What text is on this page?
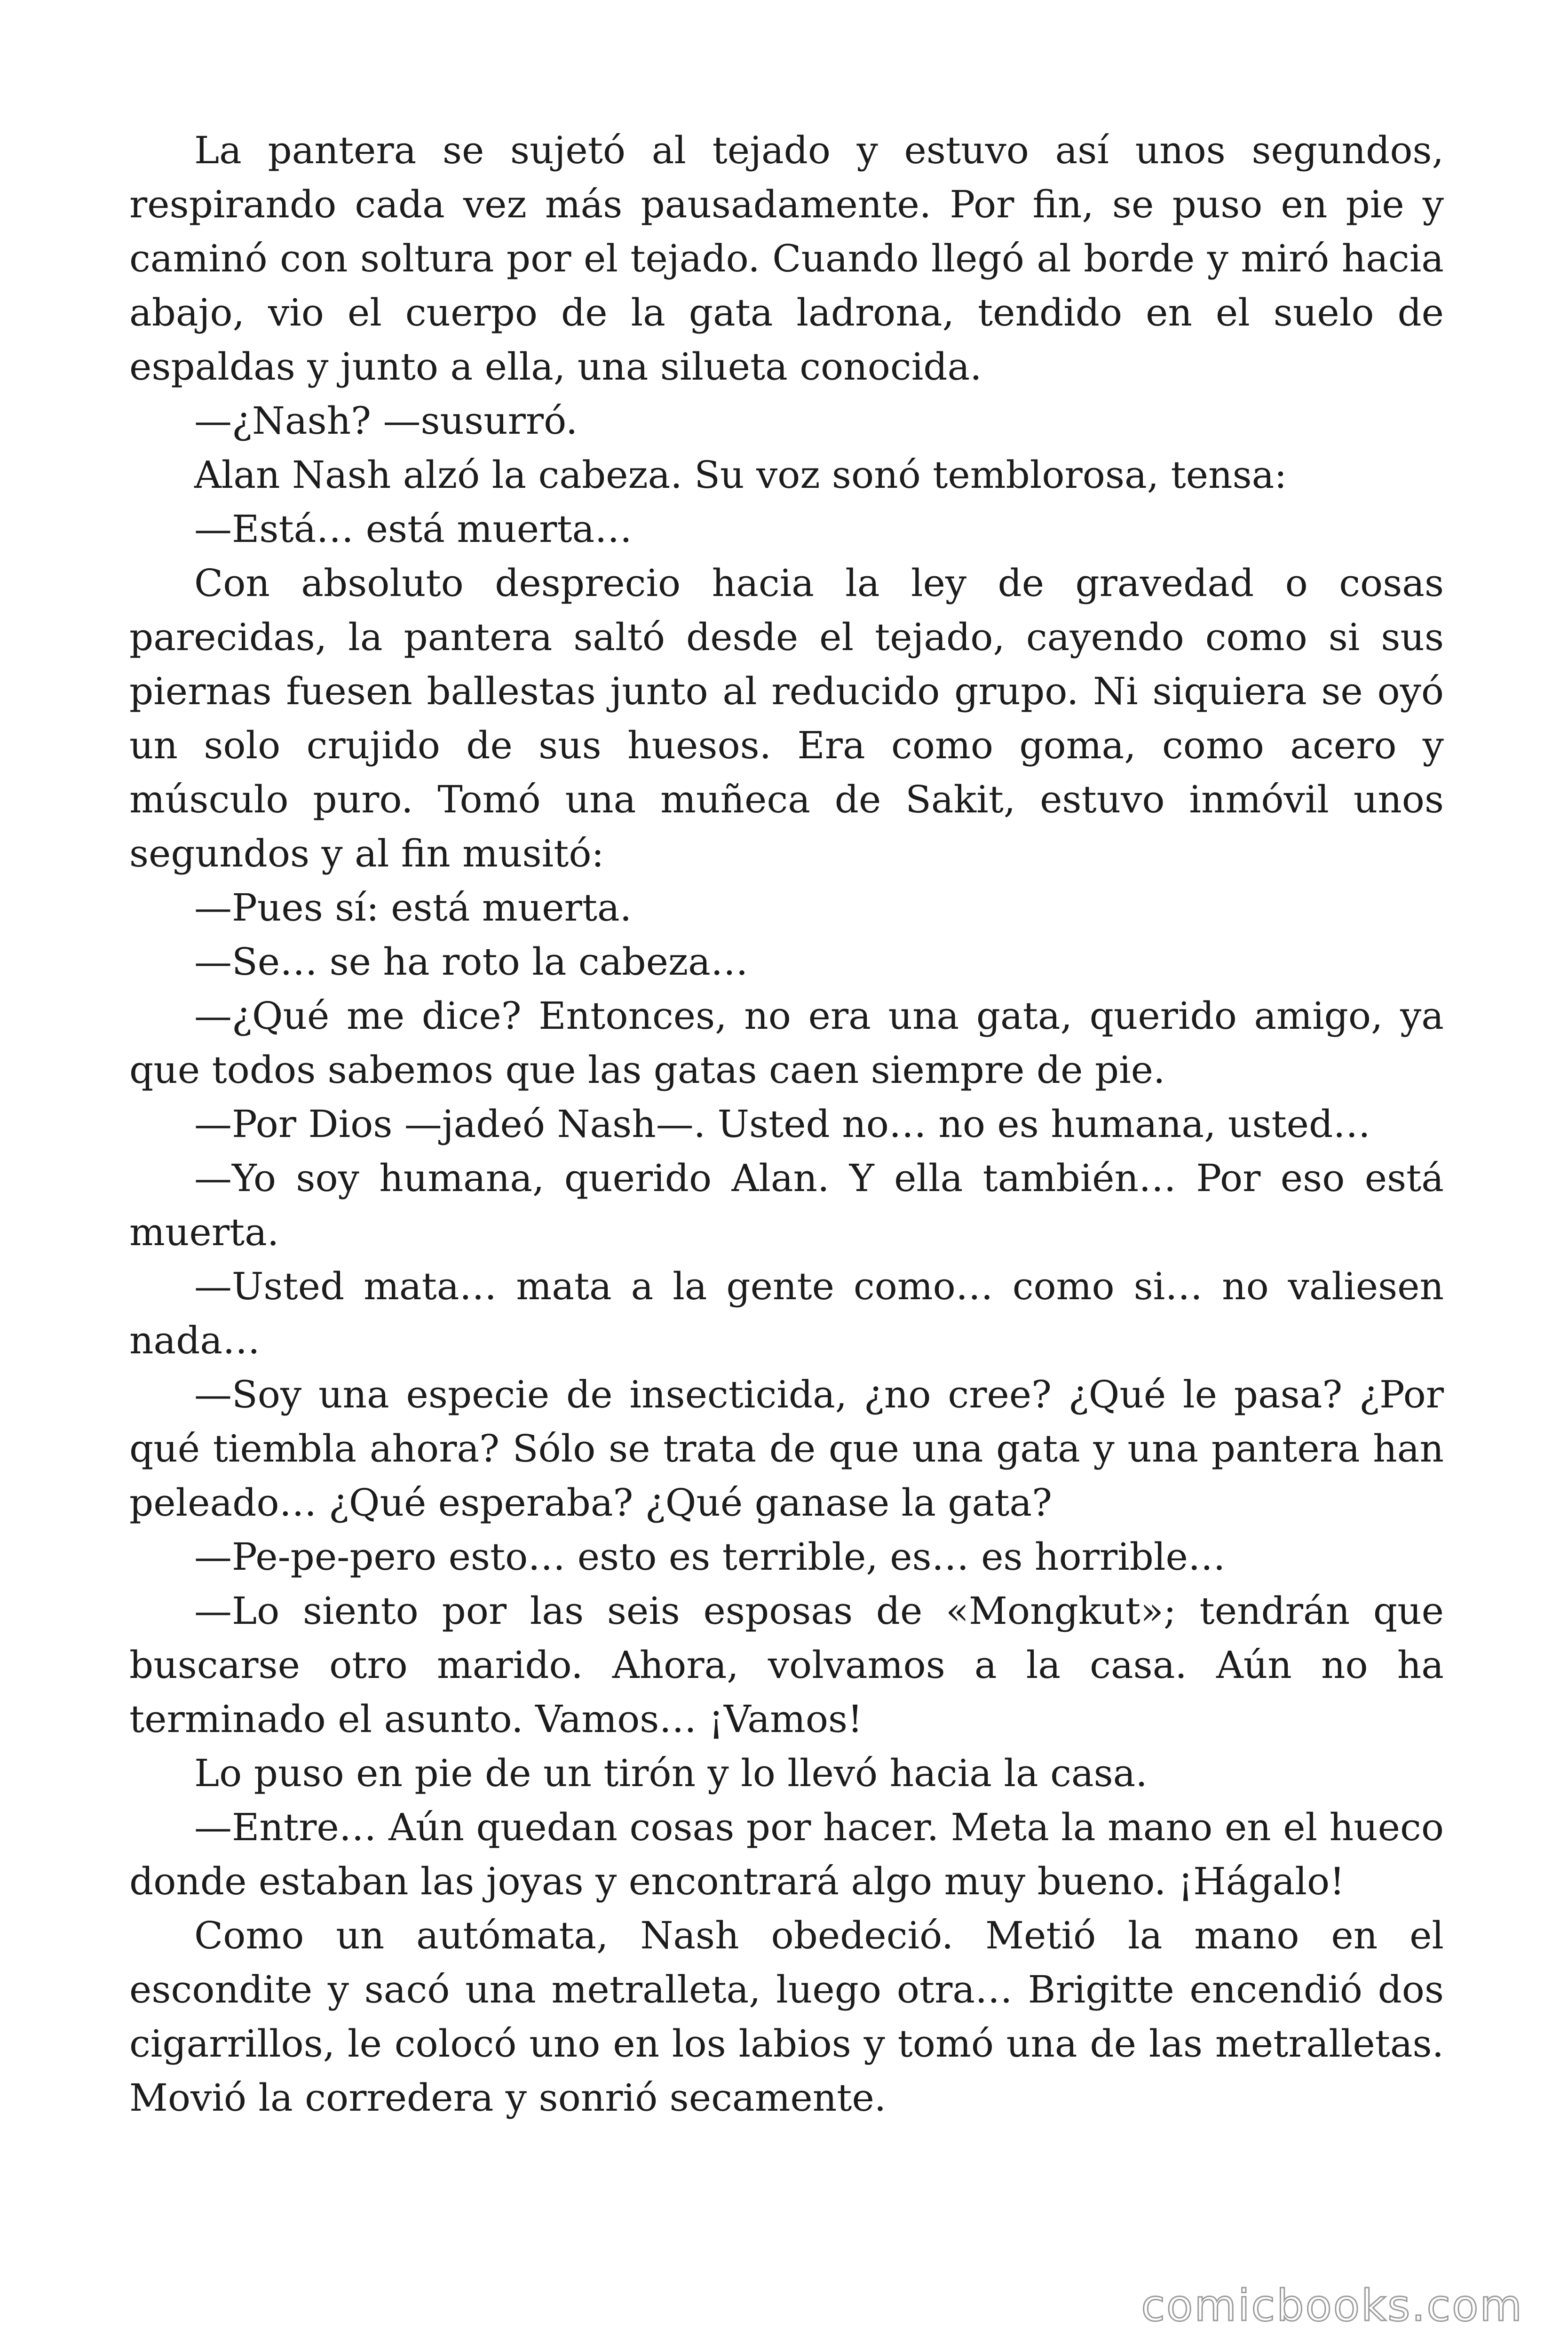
La pantera se sujetó al tejado y estuvo así unos segundos, respirando cada vez más pausadamente. Por fin, se puso en pie y caminó con soltura por el tejado. Cuando llegó al borde y miró hacia abajo, vio el cuerpo de la gata ladrona, tendido en el suelo de espaldas y junto a ella, una silueta conocida.

—¿Nash? —susurró.

Alan Nash alzó la cabeza. Su voz sonó temblorosa, tensa:

—Está… está muerta…

Con absoluto desprecio hacia la ley de gravedad o cosas parecidas, la pantera saltó desde el tejado, cayendo como si sus piernas fuesen ballestas junto al reducido grupo. Ni siquiera se oyó un solo crujido de sus huesos. Era como goma, como acero y músculo puro. Tomó una muñeca de Sakit, estuvo inmóvil unos segundos y al fin musitó:

—Pues sí: está muerta.

—Se… se ha roto la cabeza…

—¿Qué me dice? Entonces, no era una gata, querido amigo, ya que todos sabemos que las gatas caen siempre de pie.

—Por Dios —jadeó Nash—. Usted no… no es humana, usted…

—Yo soy humana, querido Alan. Y ella también… Por eso está muerta.

—Usted mata… mata a la gente como… como si… no valiesen nada…

—Soy una especie de insecticida, ¿no cree? ¿Qué le pasa? ¿Por qué tiembla ahora? Sólo se trata de que una gata y una pantera han peleado… ¿Qué esperaba? ¿Qué ganase la gata?

—Pe-pe-pero esto… esto es terrible, es… es horrible…

—Lo siento por las seis esposas de «Mongkut»; tendrán que buscarse otro marido. Ahora, volvamos a la casa. Aún no ha terminado el asunto. Vamos… ¡Vamos!

Lo puso en pie de un tirón y lo llevó hacia la casa.

—Entre… Aún quedan cosas por hacer. Meta la mano en el hueco donde estaban las joyas y encontrará algo muy bueno. ¡Hágalo!

Como un autómata, Nash obedeció. Metió la mano en el escondite y sacó una metralleta, luego otra… Brigitte encendió dos cigarrillos, le colocó uno en los labios y tomó una de las metralletas. Movió la corredera y sonrió secamente.

comicbooks.com
